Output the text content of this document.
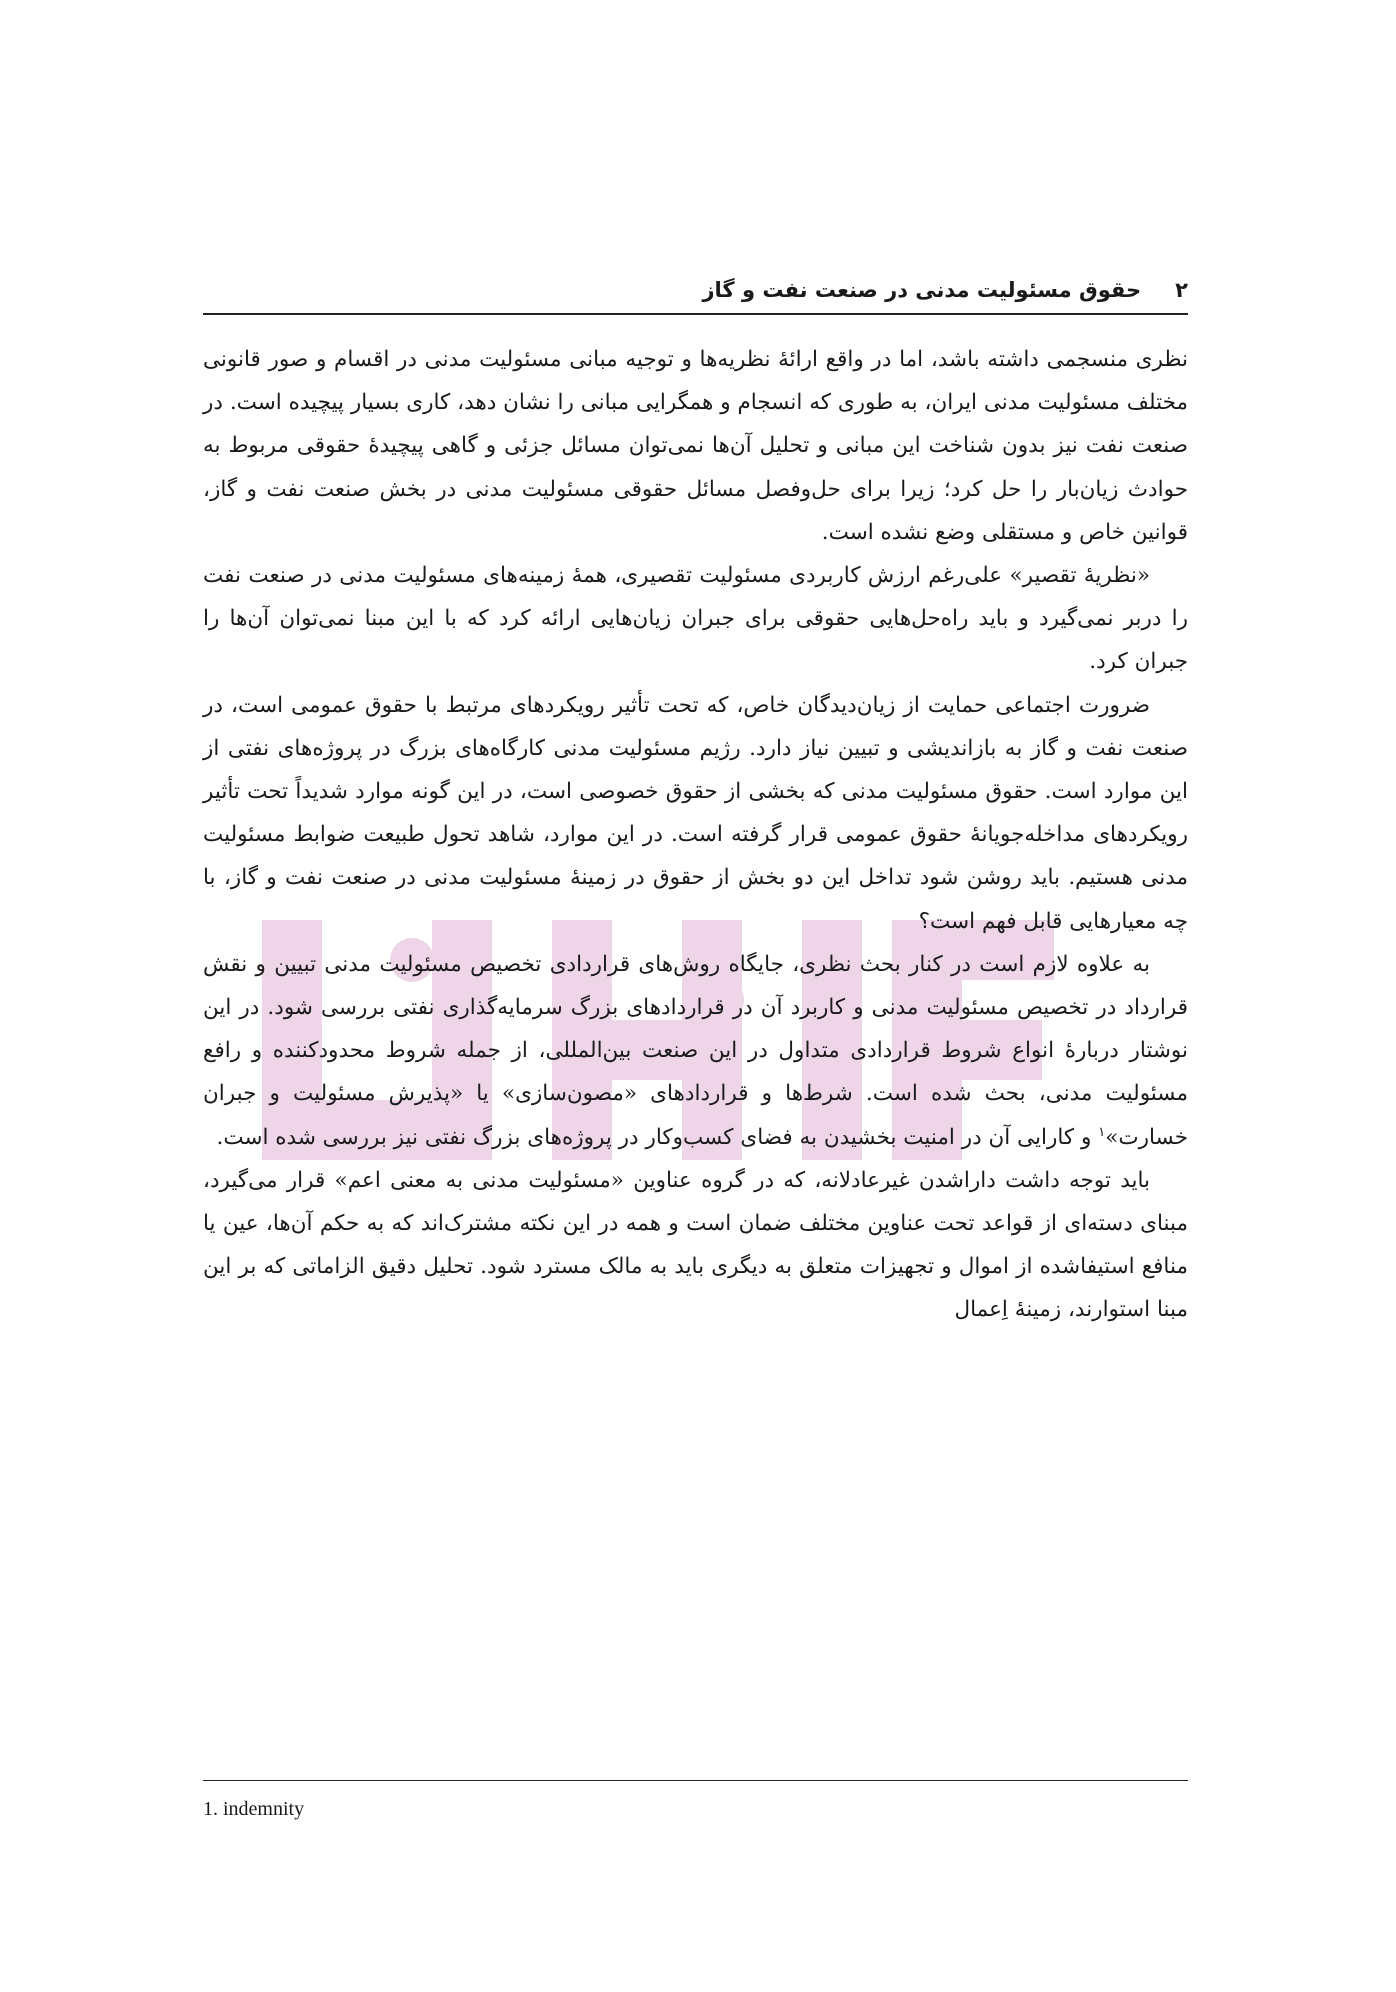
۲
حقوق مسئولیت مدنی در صنعت نفت و گاز

نظری منسجمی داشته باشد، اما در واقع ارائهٔ نظریه‌ها و توجیه مبانی مسئولیت مدنی در اقسام و صور قانونی مختلف مسئولیت مدنی ایران، به طوری که انسجام و همگرایی مبانی را نشان دهد، کاری بسیار پیچیده است. در صنعت نفت نیز بدون شناخت این مبانی و تحلیل آن‌ها نمی‌توان مسائل جزئی و گاهی پیچیدهٔ حقوقی مربوط به حوادث زیان‌بار را حل کرد؛ زیرا برای حل‌وفصل مسائل حقوقی مسئولیت مدنی در بخش صنعت نفت و گاز، قوانین خاص و مستقلی وضع نشده است.

«نظریهٔ تقصیر» علی‌رغم ارزش کاربردی مسئولیت تقصیری، همهٔ زمینه‌های مسئولیت مدنی در صنعت نفت را دربر نمی‌گیرد و باید راه‌حل‌هایی حقوقی برای جبران زیان‌هایی ارائه کرد که با این مبنا نمی‌توان آن‌ها را جبران کرد.

ضرورت اجتماعی حمایت از زیان‌دیدگان خاص، که تحت تأثیر رویکردهای مرتبط با حقوق عمومی است، در صنعت نفت و گاز به بازاندیشی و تبیین نیاز دارد. رژیم مسئولیت مدنی کارگاه‌های بزرگ در پروژه‌های نفتی از این موارد است. حقوق مسئولیت مدنی که بخشی از حقوق خصوصی است، در این گونه موارد شدیداً تحت تأثیر رویکردهای مداخله‌جویانهٔ حقوق عمومی قرار گرفته است. در این موارد، شاهد تحول طبیعت ضوابط مسئولیت مدنی هستیم. باید روشن شود تداخل این دو بخش از حقوق در زمینهٔ مسئولیت مدنی در صنعت نفت و گاز، با چه معیارهایی قابل فهم است؟

به علاوه لازم است در کنار بحث نظری، جایگاه روش‌های قراردادی تخصیص مسئولیت مدنی تبیین و نقش قرارداد در تخصیص مسئولیت مدنی و کاربرد آن در قراردادهای بزرگ سرمایه‌گذاری نفتی بررسی شود. در این نوشتار دربارهٔ انواع شروط قراردادی متداول در این صنعت بین‌المللی، از جمله شروط محدودکننده و رافع مسئولیت مدنی، بحث شده است. شرط‌ها و قراردادهای «مصون‌سازی» یا «پذیرش مسئولیت و جبران خسارت»$^۱$ و کارایی آن در امنیت بخشیدن به فضای کسب‌وکار در پروژه‌های بزرگ نفتی نیز بررسی شده است.

باید توجه داشت داراشدن غیرعادلانه، که در گروه عناوین «مسئولیت مدنی به معنی اعم» قرار می‌گیرد، مبنای دسته‌ای از قواعد تحت عناوین مختلف ضمان است و همه در این نکته مشترک‌اند که به حکم آن‌ها، عین یا منافع استیفاشده از اموال و تجهیزات متعلق به دیگری باید به مالک مسترد شود. تحلیل دقیق الزاماتی که بر این مبنا استوارند، زمینهٔ اِعمال

1. indemnity
